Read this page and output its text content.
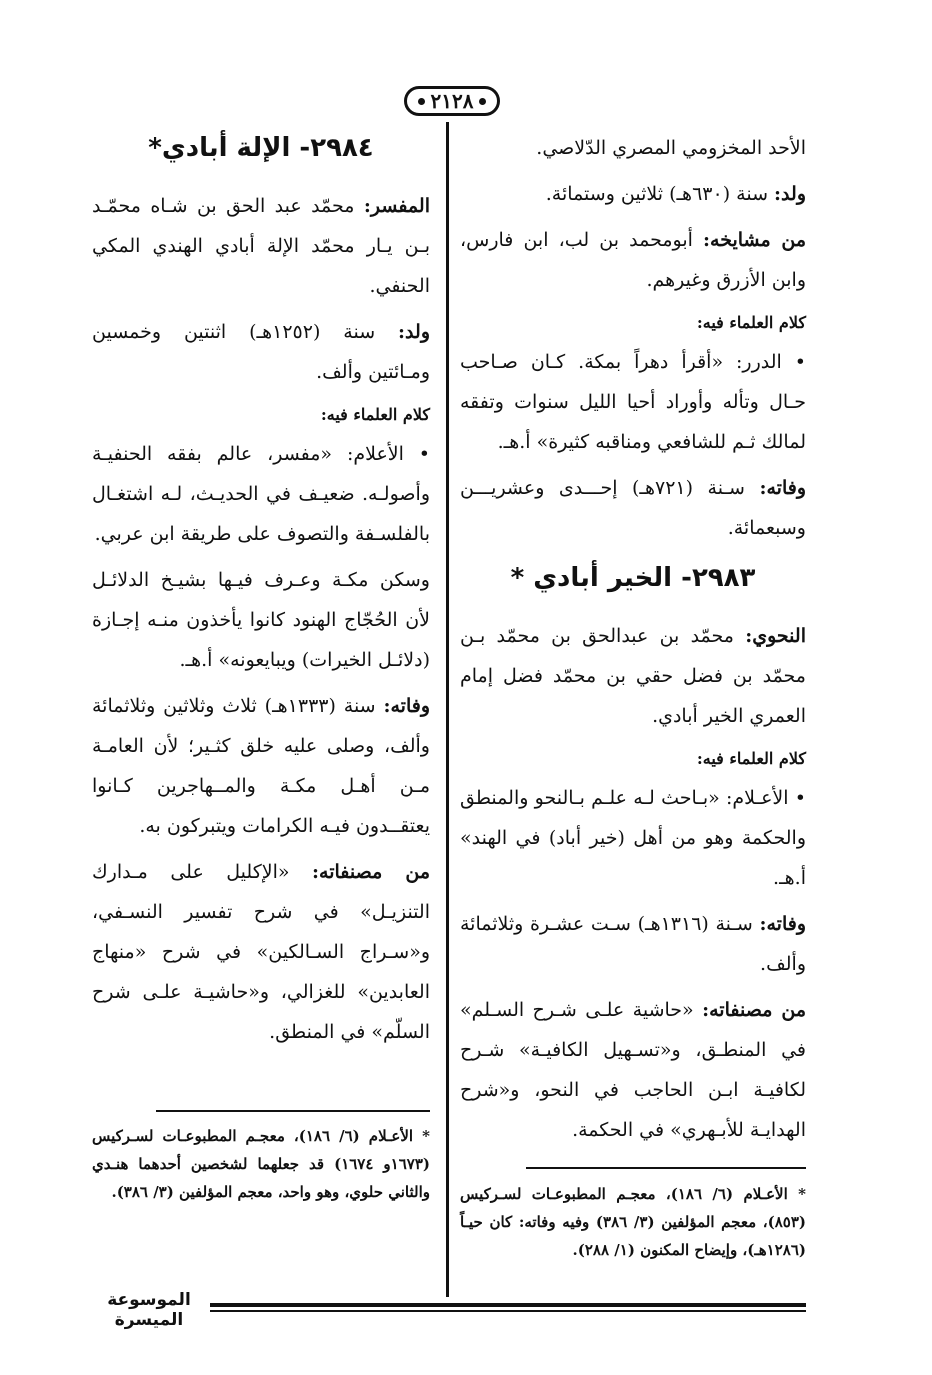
٢١٢٨

الأحد المخزومي المصري الدّلاصي.

ولد: سنة (٦٣٠هـ) ثلاثين وستمائة.

من مشايخه: أبومحمد بن لب، ابن فارس، وابن الأزرق وغيرهم.

كلام العلماء فيه:

• الدرر: «أقرأ دهراً بمكة. كـان صـاحب حـال وتأله وأوراد أحيا الليل سنوات وتفقه لمالك ثـم للشافعي ومناقبه كثيرة» أ.هـ.

وفاته: سـنة (٧٢١هـ) إحـــدى وعشريـــن وسبعمائة.

٢٩٨٣- الخير أبادي *

النحوي: محمّد بن عبدالحق بن محمّد بـن محمّد بن فضل حقي بن محمّد فضل إمام العمري الخير أبادي.

كلام العلماء فيه:

• الأعـلام: «بـاحث لـه علـم بـالنحو والمنطق والحكمة وهو من أهل (خير أباد) في الهند» أ.هـ.

وفاته: سـنة (١٣١٦هـ) سـت عشـرة وثلاثمائة وألف.

من مصنفاته: «حاشية علـى شـرح السـلم» في المنطـق، و«تسـهيل الكافيـة» شـرح لكافيـة ابـن الحاجب في النحو، و«شرح الهدايـة للأبـهري» في الحكمة.

* الأعـلام (٦/ ١٨٦)، معجـم المطبوعـات لسـركيس (٨٥٣)، معجم المؤلفين (٣/ ٣٨٦) وفيه وفاته: كان حيـاً (١٢٨٦هـ)، وإيضاح المكنون (١/ ٢٨٨).
٢٩٨٤- الإلة أبادي*

المفسر: محمّد عبد الحق بن شـاه محمّـد بـن يـار محمّد الإلة أبادي الهندي المكي الحنفي.

ولد: سنة (١٢٥٢هـ) اثنتين وخمسين ومـائتين وألف.

كلام العلماء فيه:

• الأعلام: «مفسر، عالم بفقه الحنفيـة وأصولـه. ضعيـف في الحديـث، لـه اشتغـال بالفلسـفة والتصوف على طريقة ابن عربي.

وسكن مكـة وعـرف فيـها بشيـخ الدلائـل لأن الحُجّاج الهنود كانوا يأخذون منـه إجـازة (دلائـل الخيرات) ويبايعونه» أ.هـ.

وفاته: سنة (١٣٣٣هـ) ثلاث وثلاثين وثلاثمائة وألف، وصلى عليه خلق كثـير؛ لأن العامـة مـن أهـل مكـة والمــهاجرين كـانوا يعتقــدون فيـه الكرامات ويتبركون به.

من مصنفاته: «الإكليل على مـدارك التنزيـل» في شرح تفسير النسـفي، و«سـراج السـالكين» في شرح «منهاج العابدين» للغزالي، و«حاشيـة علـى شرح السلّم» في المنطق.

* الأعـلام (٦/ ١٨٦)، معجـم المطبوعـات لسـركيس (١٦٧٣و ١٦٧٤) قد جعلهما لشخصين أحدهما هنـدي والثاني حلوي، وهو واحد، معجم المؤلفين (٣/ ٣٨٦).
الموسوعة الميسرة
